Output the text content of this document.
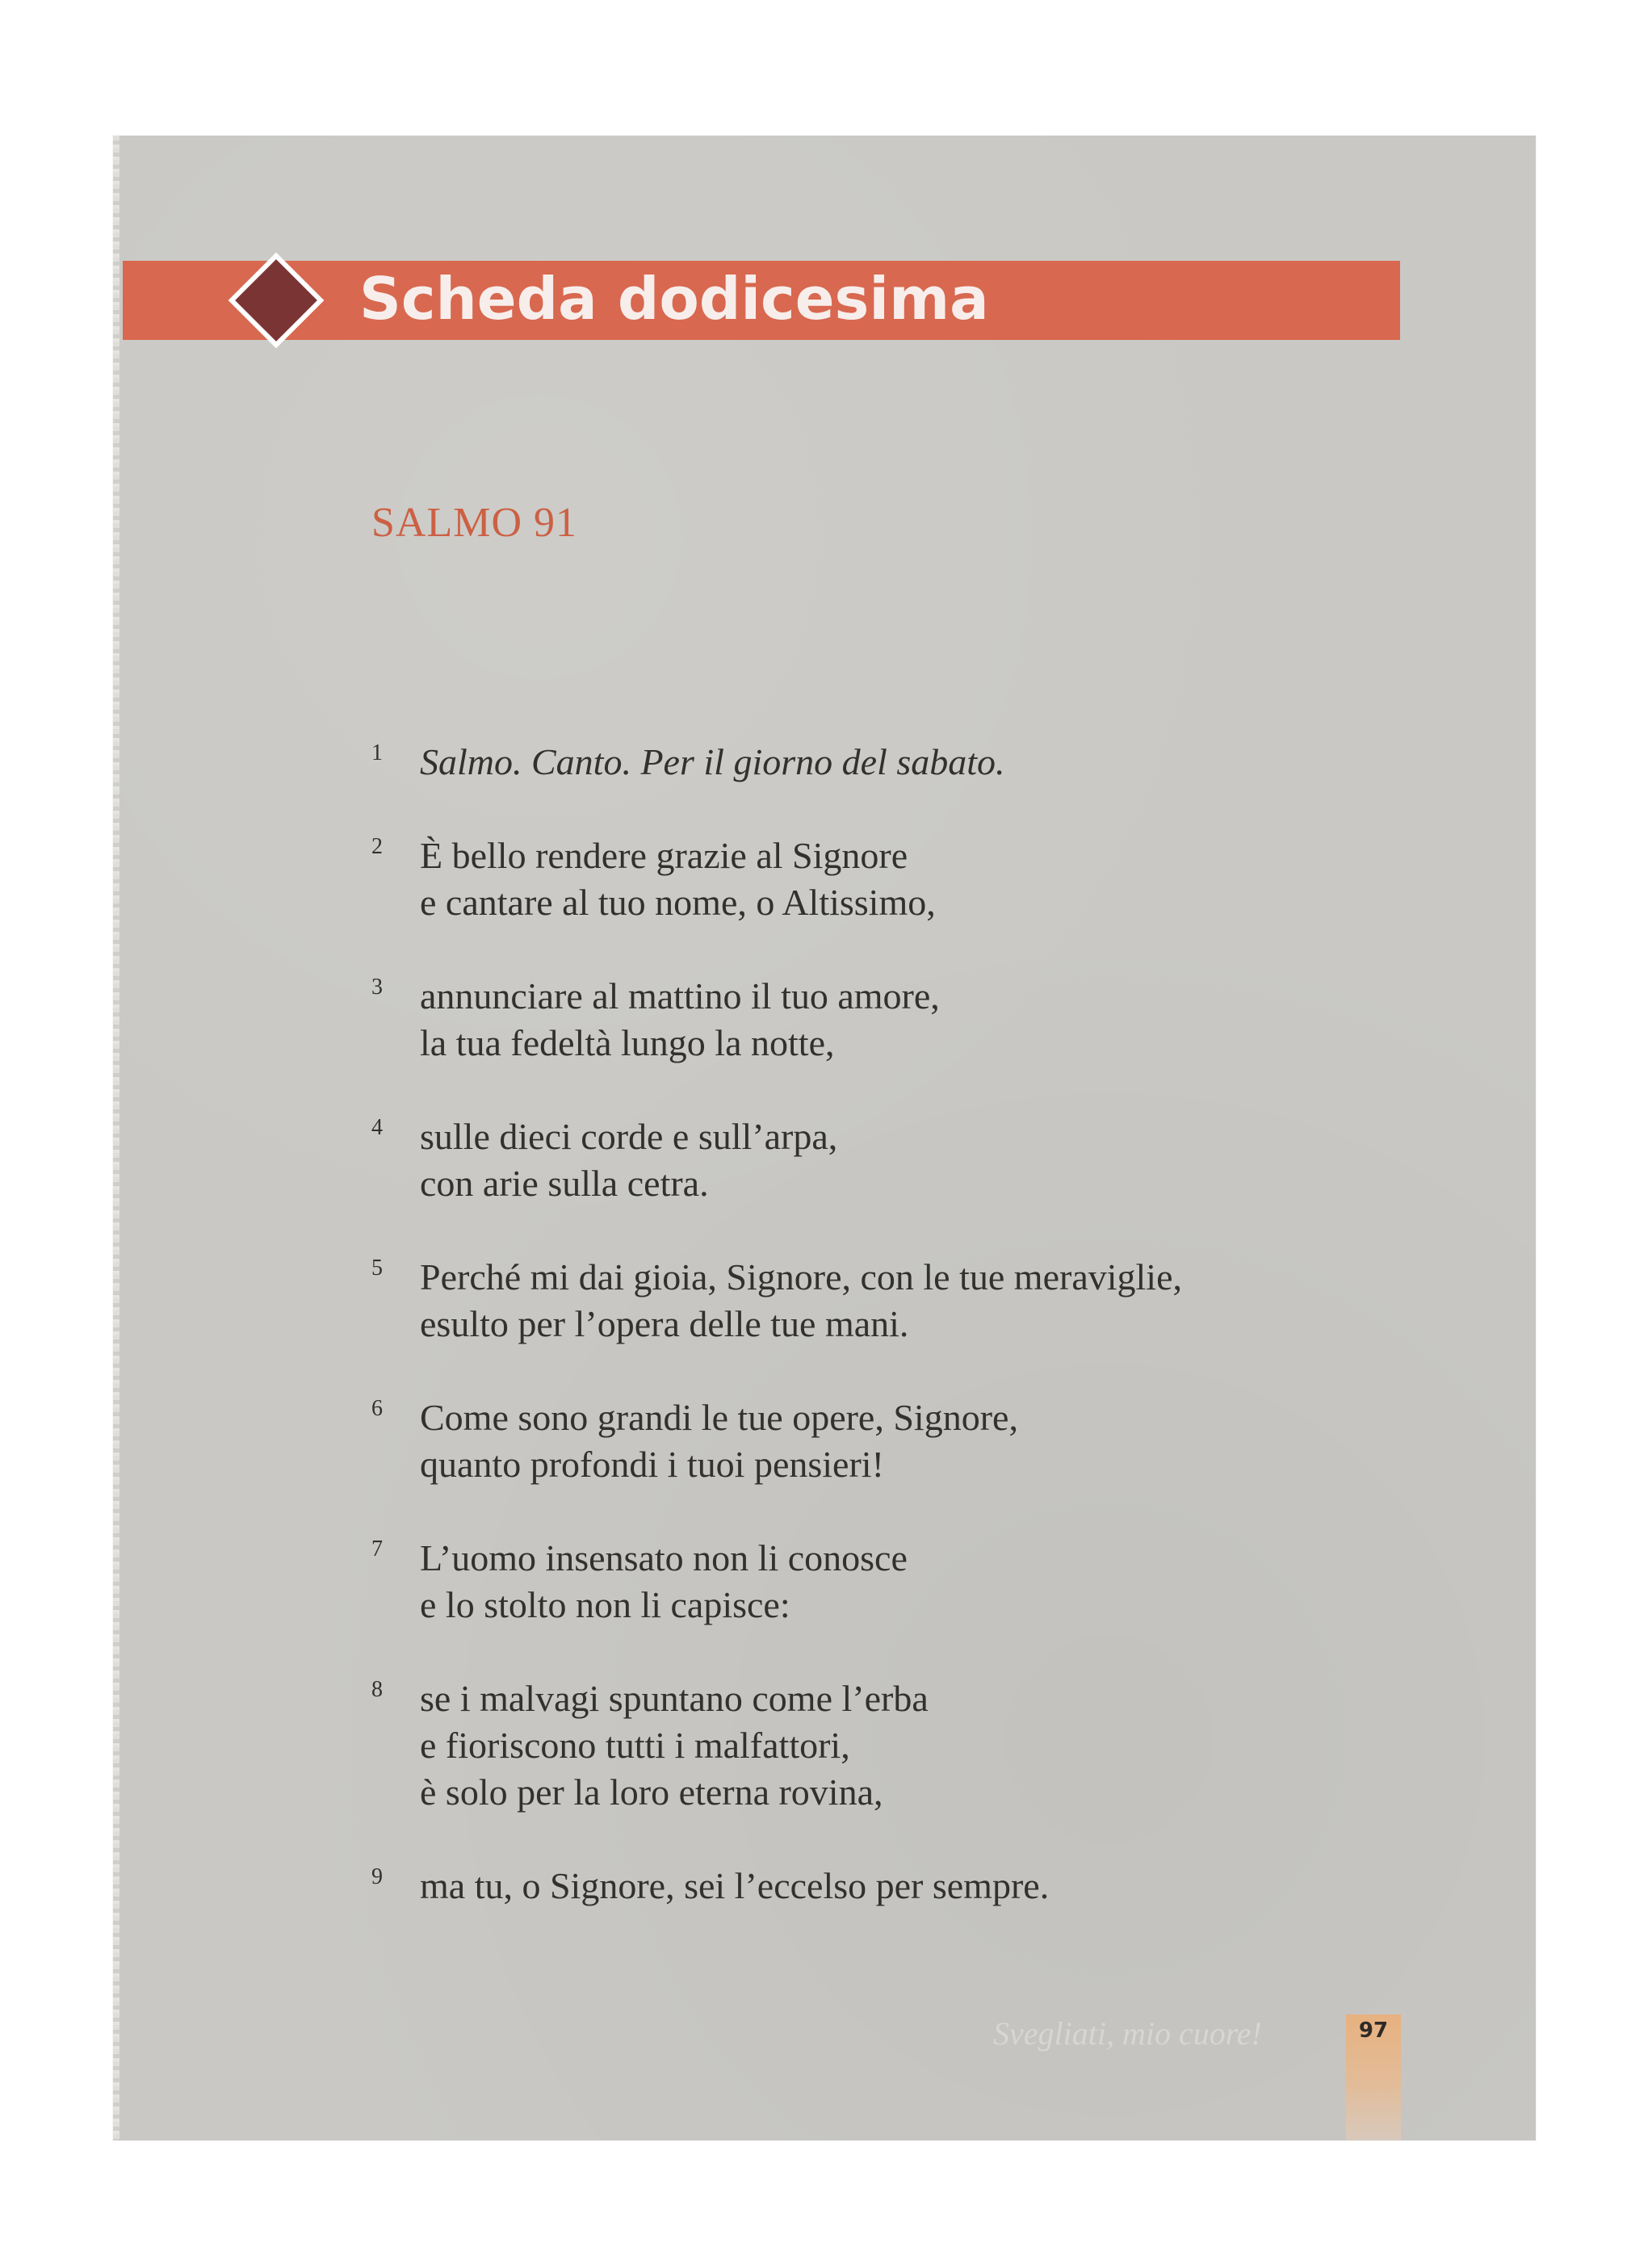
Scheda dodicesima
SALMO 91
1 Salmo. Canto. Per il giorno del sabato.
2 È bello rendere grazie al Signore
e cantare al tuo nome, o Altissimo,
3 annunciare al mattino il tuo amore,
la tua fedeltà lungo la notte,
4 sulle dieci corde e sull’arpa,
con arie sulla cetra.
5 Perché mi dai gioia, Signore, con le tue meraviglie,
esulto per l’opera delle tue mani.
6 Come sono grandi le tue opere, Signore,
quanto profondi i tuoi pensieri!
7 L’uomo insensato non li conosce
e lo stolto non li capisce:
8 se i malvagi spuntano come l’erba
e fioriscono tutti i malfattori,
è solo per la loro eterna rovina,
9 ma tu, o Signore, sei l’eccelso per sempre.
Svegliati, mio cuore!	97
